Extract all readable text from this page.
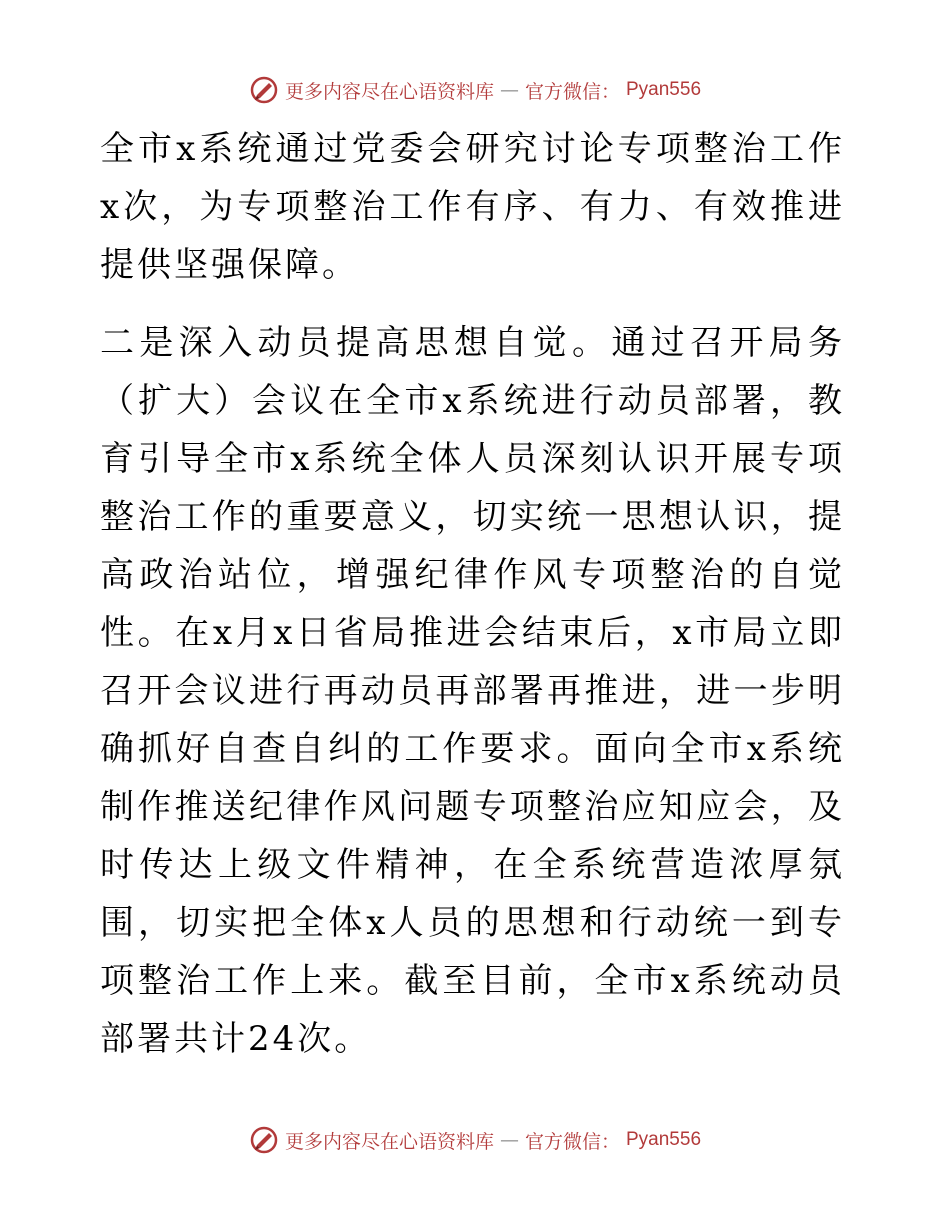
更多内容尽在心语资料库 — 官方微信： Pyan556

全市x系统通过党委会研究讨论专项整治工作x次，为专项整治工作有序、有力、有效推进提供坚强保障。

二是深入动员提高思想自觉。通过召开局务（扩大）会议在全市x系统进行动员部署，教育引导全市x系统全体人员深刻认识开展专项整治工作的重要意义，切实统一思想认识，提高政治站位，增强纪律作风专项整治的自觉性。在x月x日省局推进会结束后，x市局立即召开会议进行再动员再部署再推进，进一步明确抓好自查自纠的工作要求。面向全市x系统制作推送纪律作风问题专项整治应知应会，及时传达上级文件精神，在全系统营造浓厚氛围，切实把全体x人员的思想和行动统一到专项整治工作上来。截至目前，全市x系统动员部署共计24次。

更多内容尽在心语资料库 — 官方微信： Pyan556
